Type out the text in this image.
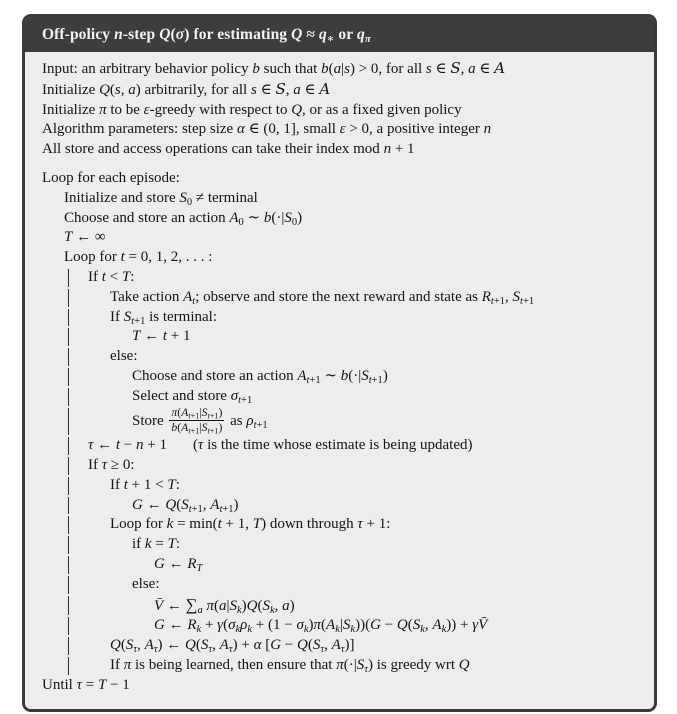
Off-policy n-step Q(σ) for estimating $Q \approx q_∗$ or $q_\pi$
Input: an arbitrary behavior policy b such that b(a|s) > 0, for all s ∈ S, a ∈ A
Initialize Q(s, a) arbitrarily, for all s ∈ S, a ∈ A
Initialize π to be ε-greedy with respect to Q, or as a fixed given policy
Algorithm parameters: step size α ∈ (0, 1], small ε > 0, a positive integer n
All store and access operations can take their index mod n + 1
Loop for each episode:
Initialize and store $S_0$ ≠ terminal
Choose and store an action $A_0$ ∼ $b(\cdot|S_0)$
T ← ∞
Loop for t = 0, 1, 2, . . . :
If t < T:
Take action $A_t$; observe and store the next reward and state as $R_{t+1}$, $S_{t+1}$
If $S_{t+1}$ is terminal:
T ← t + 1
else:
Choose and store an action $A_{t+1}$ ∼ $b(\cdot|S_{t+1})$
Select and store $\sigma_{t+1}$
Store $\frac{\pi(A_{t+1}|S_{t+1})}{b(A_{t+1}|S_{t+1})}$ as $\rho_{t+1}$
τ ← t − n + 1 (τ is the time whose estimate is being updated)
If τ ≥ 0:
If t + 1 < T:
G ← $Q(S_{t+1}$, $A_{t+1}$)
Loop for k = min(t + 1, T) down through τ + 1:
if k = T:
G ← $R_T$
else:
V̄ ← $\sum_a$ $\pi(a|S_k)Q(S_k$, a)
G ← $R_k + \gamma(\sigma_k\rho_k + (1 - \sigma_k)\pi(A_k|S_k))(G - Q(S_k$, $A_k$)) + γV̄
$Q(S_\tau$, $A_\tau$) ← $Q(S_\tau$, $A_\tau) + \alpha$ [$G - Q(S_\tau$, $A_\tau$)]
If π is being learned, then ensure that $\pi(\cdot|S_\tau)$ is greedy wrt Q
Until τ = T − 1
